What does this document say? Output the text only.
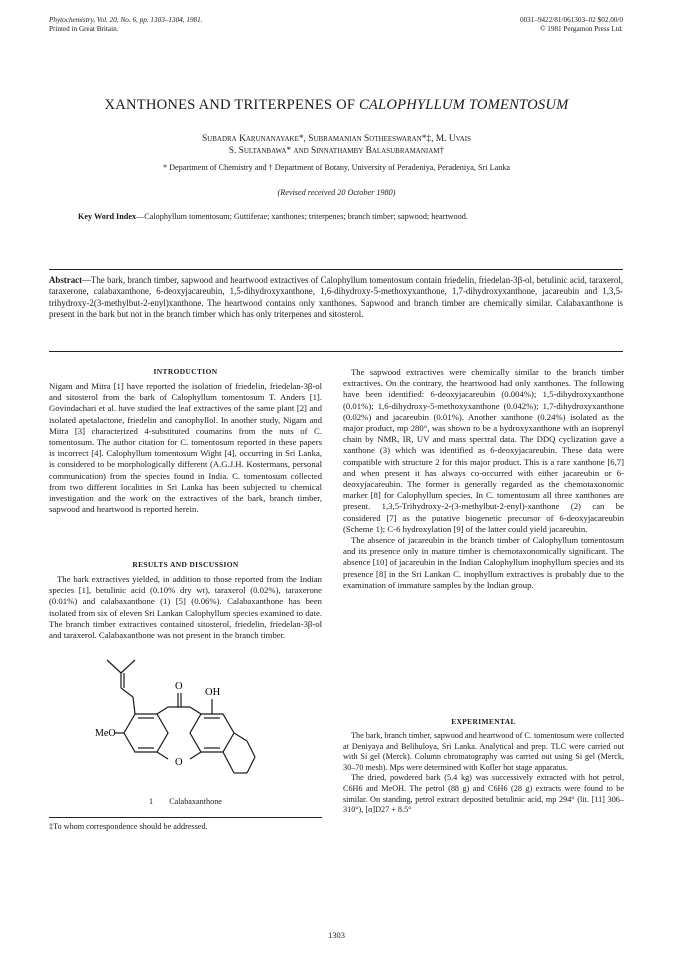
Phytochemistry, Vol. 20, No. 6, pp. 1303–1304, 1981.
Printed in Great Britain.
0031–9422/81/061303–02 $02.00/0
© 1981 Pergamon Press Ltd.
XANTHONES AND TRITERPENES OF CALOPHYLLUM TOMENTOSUM
Subadra Karunanayake*, Subramanian Sotheeswaran*‡, M. Uvais
S. Sultanbawa* and Sinnathamby Balasubramaniam†
* Department of Chemistry and † Department of Botany, University of Peradeniya, Peradeniya, Sri Lanka
(Revised received 20 October 1980)
Key Word Index—Calophyllum tomentosum; Guttiferae; xanthones; triterpenes; branch timber; sapwood; heartwood.
Abstract—The bark, branch timber, sapwood and heartwood extractives of Calophyllum tomentosum contain friedelin, friedelan-3β-ol, betulinic acid, taraxerol, taraxerone, calabaxanthone, 6-deoxyjacareubin, 1,5-dihydroxyxanthone, 1,6-dihydroxy-5-methoxyxanthone, 1,7-dihydroxyxanthone, jacareubin and 1,3,5-trihydroxy-2(3-methylbut-2-enyl)xanthone. The heartwood contains only xanthones. Sapwood and branch timber are chemically similar. Calabaxanthone is present in the bark but not in the branch timber which has only triterpenes and sitosterol.
INTRODUCTION

Nigam and Mitra [1] have reported the isolation of friedelin, friedelan-3β-ol and sitosterol from the bark of Calophyllum tomentosum T. Anders [1]. Govindachari et al. have studied the leaf extractives of the same plant [2] and isolated apetalactone, friedelin and canophyllol. In another study, Nigam and Mitra [3] characterized 4-substituted coumarins from the nuts of C. tomentosum. The author citation for C. tomentosum reported in these papers is incorrect [4]. Calophyllum tomentosum Wight [4], occurring in Sri Lanka, is considered to be morphologically different (A.G.J.H. Kostermans, personal communication) from the species found in India. C. tomentosum collected from two different localities in Sri Lanka has been subjected to chemical investigation and the work on the extractives of the bark, branch timber, sapwood and heartwood is reported herein.

RESULTS AND DISCUSSION

The bark extractives yielded, in addition to those reported from the Indian species [1], betulinic acid (0.10% dry wt), taraxerol (0.02%), taraxerone (0.01%) and calabaxanthone (1) [5] (0.06%). Calabaxanthone has been isolated from six of eleven Sri Lankan Calophyllum species examined to date. The branch timber extractives contained sitosterol, friedelin, friedelan-3β-ol and taraxerol. Calabaxanthone was not present in the branch timber.

O
O
OH
MeO
1 Calabaxanthone
‡To whom correspondence should be addressed.

The sapwood extractives were chemically similar to the branch timber extractives. On the contrary, the heartwood had only xanthones. The following have been identified: 6-deoxyjacareubin (0.004%); 1,5-dihydroxyxanthone (0.01%); 1,6-dihydroxy-5-methoxyxanthone (0.042%); 1,7-dihydroxyxanthone (0.02%) and jacareubin (0.01%). Another xanthone (0.24%) isolated as the major product, mp 280°, was shown to be a hydroxyxanthone with an isoprenyl chain by NMR, IR, UV and mass spectral data. The DDQ cyclization gave a xanthone (3) which was identified as 6-deoxyjacareubin. These data were compatible with structure 2 for this major product. This is a rare xanthone [6,7] and when present it has always co-occurred with either jacareubin or 6-deoxyjacareubin. The former is generally regarded as the chemotaxonomic marker [8] for Calophyllum species. In C. tomentosum all three xanthones are present. 1,3,5-Trihydroxy-2-(3-methylbut-2-enyl)-xanthone (2) can be considered [7] as the putative biogenetic precursor of 6-deoxyjacareubin (Scheme 1); C-6 hydroxylation [9] of the latter could yield jacareubin.

The absence of jacareubin in the branch timber of Calophyllum tomentosum and its presence only in mature timber is chemotaxonomically significant. The absence [10] of jacareubin in the Indian Calophyllum inophyllum species and its presence [8] in the Sri Lankan C. inophyllum extractives is probably due to the examination of immature samples by the Indian group.

EXPERIMENTAL

The bark, branch timber, sapwood and heartwood of C. tomentosum were collected at Deniyaya and Belihuloya, Sri Lanka. Analytical and prep. TLC were carried out with Si gel (Merck). Column chromatography was carried out using Si gel (Merck, 30–70 mesh). Mps were determined with Kofler hot stage apparatus.

The dried, powdered bark (5.4 kg) was successively extracted with hot petrol, C6H6 and MeOH. The petrol (88 g) and C6H6 (28 g) extracts were found to be similar. On standing, petrol extract deposited betulinic acid, mp 294° (lit. [11] 306–310°), [α]D27 + 8.5°

1303
